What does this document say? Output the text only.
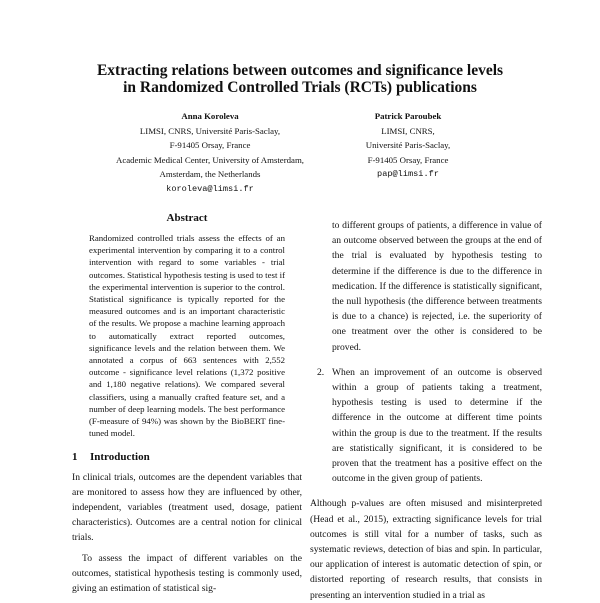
Extracting relations between outcomes and significance levels
in Randomized Controlled Trials (RCTs) publications
Anna Koroleva
LIMSI, CNRS, Université Paris-Saclay,
F-91405 Orsay, France
Academic Medical Center, University of Amsterdam,
Amsterdam, the Netherlands
koroleva@limsi.fr
Patrick Paroubek
LIMSI, CNRS,
Université Paris-Saclay,
F-91405 Orsay, France
pap@limsi.fr
Abstract

Randomized controlled trials assess the effects of an experimental intervention by comparing it to a control intervention with regard to some variables - trial outcomes. Statistical hypothesis testing is used to test if the experimental intervention is superior to the control. Statistical significance is typically reported for the measured outcomes and is an important characteristic of the results. We propose a machine learning approach to automatically extract reported outcomes, significance levels and the relation between them. We annotated a corpus of 663 sentences with 2,552 outcome - significance level relations (1,372 positive and 1,180 negative relations). We compared several classifiers, using a manually crafted feature set, and a number of deep learning models. The best performance (F-measure of 94%) was shown by the BioBERT fine-tuned model.

1 Introduction

In clinical trials, outcomes are the dependent variables that are monitored to assess how they are influenced by other, independent, variables (treatment used, dosage, patient characteristics). Outcomes are a central notion for clinical trials.

To assess the impact of different variables on the outcomes, statistical hypothesis testing is commonly used, giving an estimation of statistical sig-

to different groups of patients, a difference in value of an outcome observed between the groups at the end of the trial is evaluated by hypothesis testing to determine if the difference is due to the difference in medication. If the difference is statistically significant, the null hypothesis (the difference between treatments is due to a chance) is rejected, i.e. the superiority of one treatment over the other is considered to be proved.

2. When an improvement of an outcome is observed within a group of patients taking a treatment, hypothesis testing is used to determine if the difference in the outcome at different time points within the group is due to the treatment. If the results are statistically significant, it is considered to be proven that the treatment has a positive effect on the outcome in the given group of patients.

Although p-values are often misused and misinterpreted (Head et al., 2015), extracting significance levels for trial outcomes is still vital for a number of tasks, such as systematic reviews, detection of bias and spin. In particular, our application of interest is automatic detection of spin, or distorted reporting of research results, that consists in presenting an intervention studied in a trial as
